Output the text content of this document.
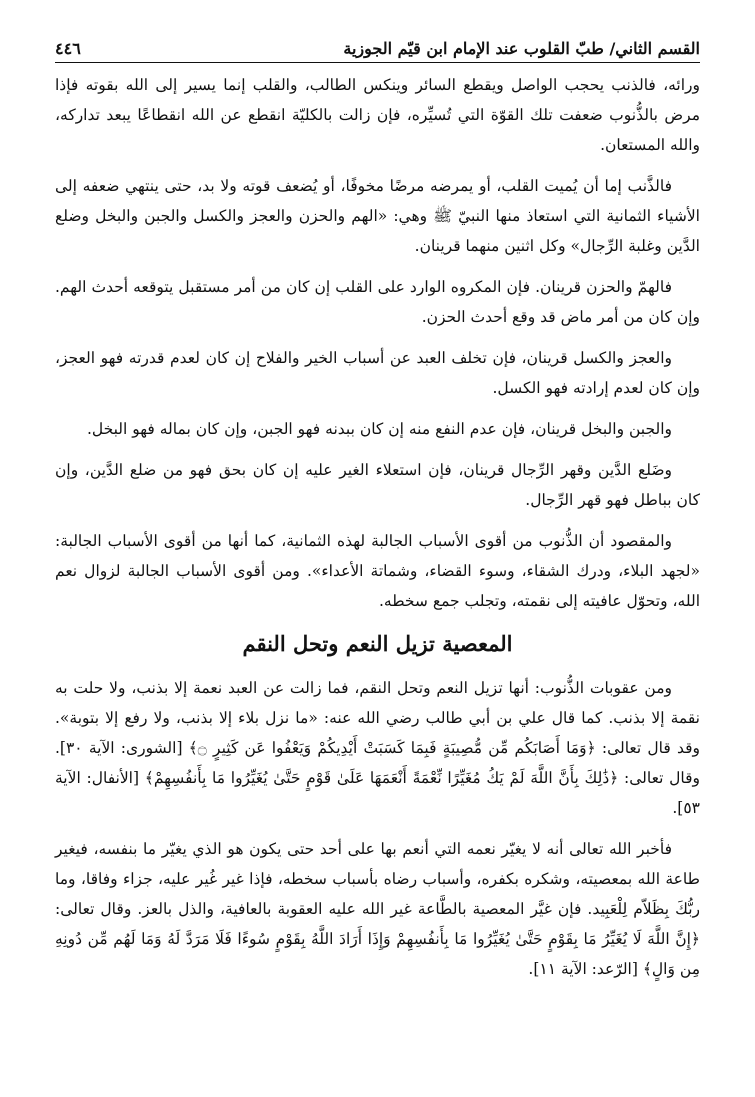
القسم الثاني/ طبّ القلوب عند الإمام ابن قيّم الجوزية
٤٤٦

ورائه، فالذنب يحجب الواصل ويقطع السائر وينكس الطالب، والقلب إنما يسير إلى الله بقوته فإذا مرض بالذُّنوب ضعفت تلك القوّة التي تُسيِّره، فإن زالت بالكليّة انقطع عن الله انقطاعًا يبعد تداركه، والله المستعان.

فالذَّنب إما أن يُميت القلب، أو يمرضه مرضًا مخوفًا، أو يُضعف قوته ولا بد، حتى ينتهي ضعفه إلى الأشياء الثمانية التي استعاذ منها النبيّ ﷺ وهي: «الهم والحزن والعجز والكسل والجبن والبخل وضلع الدَّين وغلبة الرِّجال» وكل اثنين منهما قرينان.

فالهمّ والحزن قرينان. فإن المكروه الوارد على القلب إن كان من أمر مستقبل يتوقعه أحدث الهم. وإن كان من أمر ماض قد وقع أحدث الحزن.

والعجز والكسل قرينان، فإن تخلف العبد عن أسباب الخير والفلاح إن كان لعدم قدرته فهو العجز، وإن كان لعدم إرادته فهو الكسل.

والجبن والبخل قرينان، فإن عدم النفع منه إن كان ببدنه فهو الجبن، وإن كان بماله فهو البخل.

وضَلع الدَّين وقهر الرِّجال قرينان، فإن استعلاء الغير عليه إن كان بحق فهو من ضلع الدَّين، وإن كان بباطل فهو قهر الرِّجال.

والمقصود أن الذُّنوب من أقوى الأسباب الجالبة لهذه الثمانية، كما أنها من أقوى الأسباب الجالبة: «لجهد البلاء، ودرك الشقاء، وسوء القضاء، وشماتة الأعداء». ومن أقوى الأسباب الجالبة لزوال نعم الله، وتحوّل عافيته إلى نقمته، وتجلب جمع سخطه.

المعصية تزيل النعم وتحل النقم

ومن عقوبات الذُّنوب: أنها تزيل النعم وتحل النقم، فما زالت عن العبد نعمة إلا بذنب، ولا حلت به نقمة إلا بذنب. كما قال علي بن أبي طالب رضي الله عنه: «ما نزل بلاء إلا بذنب، ولا رفع إلا بتوبة». وقد قال تعالى: ﴿وَمَا أَصَابَكُم مِّن مُّصِيبَةٍ فَبِمَا كَسَبَتْ أَيْدِيكُمْ وَيَعْفُوا عَن كَثِيرٍ ۝﴾ [الشورى: الآية ٣٠]. وقال تعالى: ﴿ذَٰلِكَ بِأَنَّ اللَّهَ لَمْ يَكُ مُغَيِّرًا نِّعْمَةً أَنْعَمَهَا عَلَىٰ قَوْمٍ حَتَّىٰ يُغَيِّرُوا مَا بِأَنفُسِهِمْ﴾ [الأنفال: الآية ٥٣].

فأخبر الله تعالى أنه لا يغيّر نعمه التي أنعم بها على أحد حتى يكون هو الذي يغيّر ما بنفسه، فيغير طاعة الله بمعصيته، وشكره بكفره، وأسباب رضاه بأسباب سخطه، فإذا غير غُير عليه، جزاء وفاقا، وما ربُّكَ بِظَلاّم لِلْعَبِيد. فإن غيَّر المعصية بالطَّاعة غير الله عليه العقوبة بالعافية، والذل بالعز. وقال تعالى: ﴿إِنَّ اللَّهَ لَا يُغَيِّرُ مَا بِقَوْمٍ حَتَّىٰ يُغَيِّرُوا مَا بِأَنفُسِهِمْ وَإِذَا أَرَادَ اللَّهُ بِقَوْمٍ سُوءًا فَلَا مَرَدَّ لَهُ وَمَا لَهُم مِّن دُونِهِ مِن وَالٍ﴾ [الرّعد: الآية ١١].
